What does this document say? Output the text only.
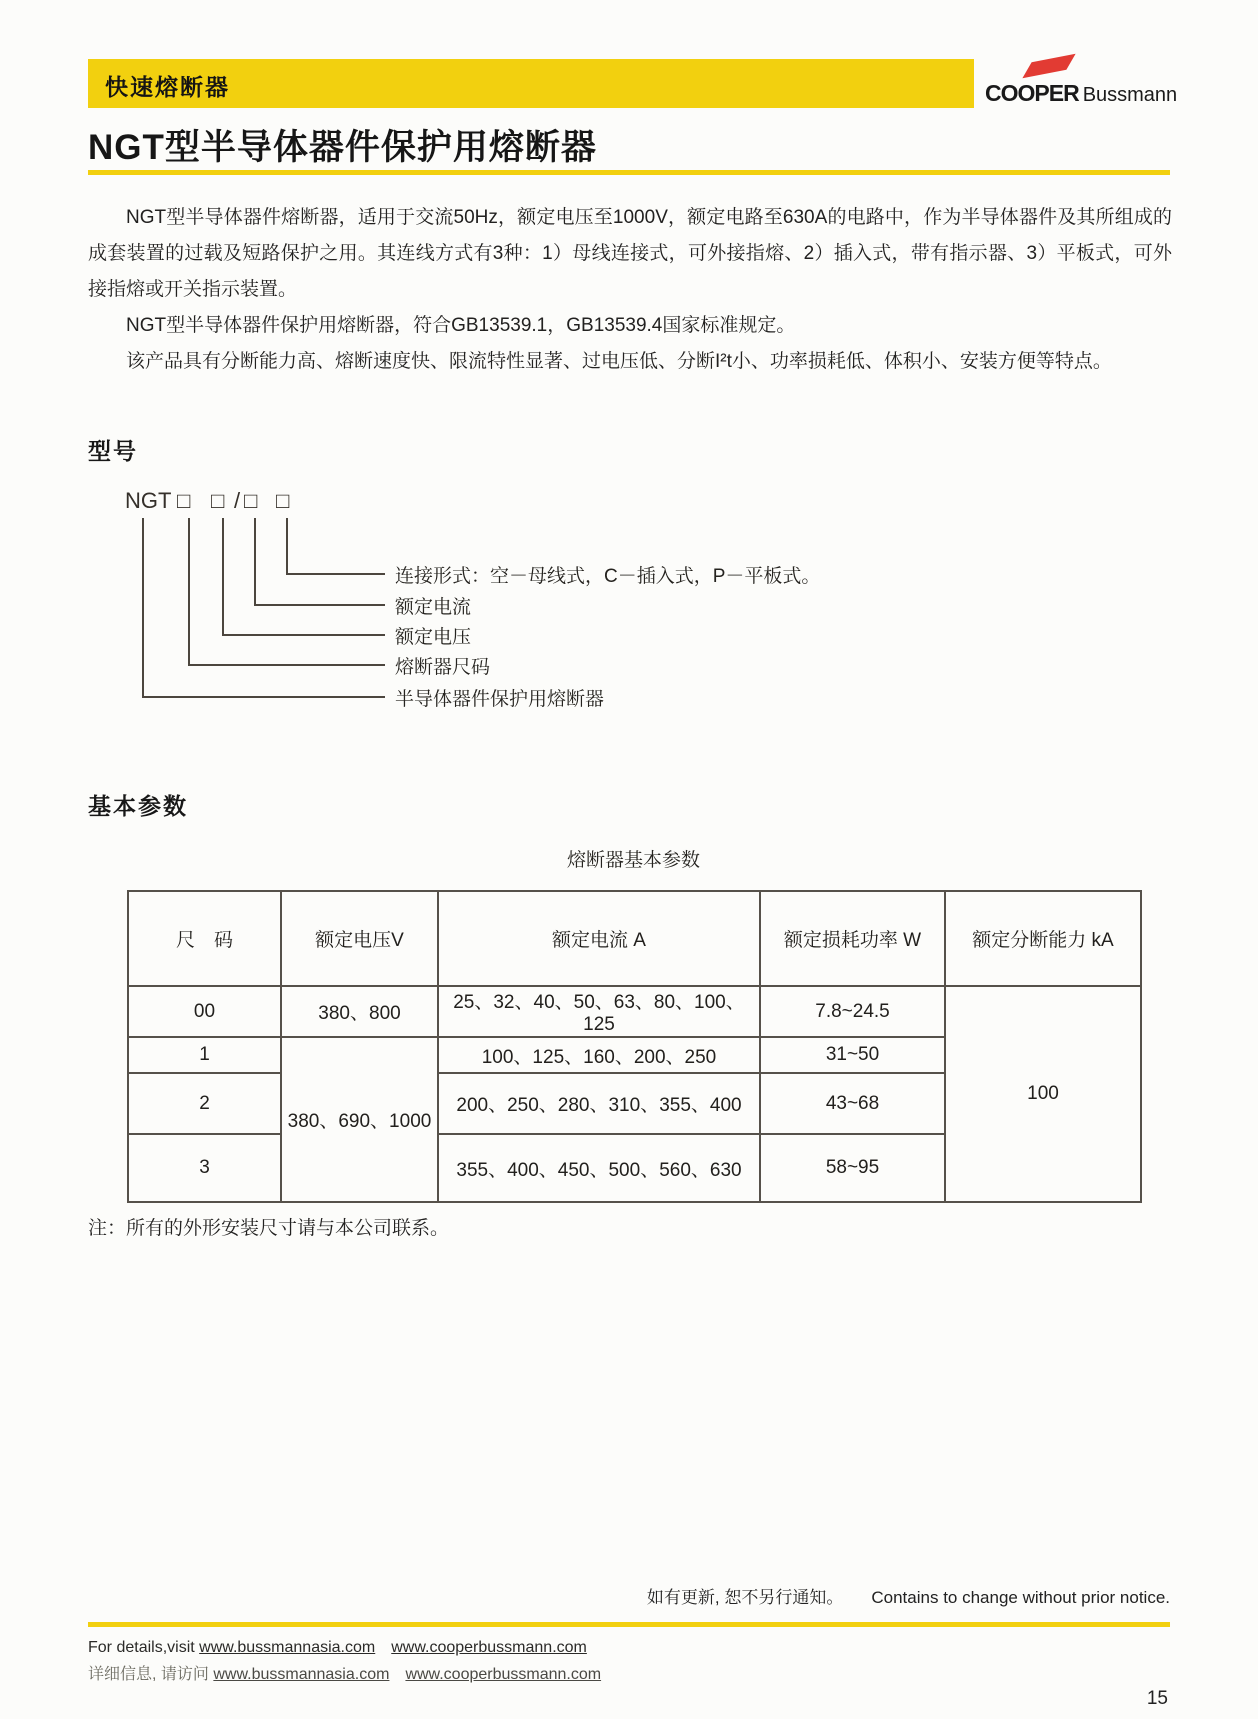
快速熔断器	COOPER Bussmann
NGT型半导体器件保护用熔断器

NGT型半导体器件熔断器，适用于交流50Hz，额定电压至1000V，额定电路至630A的电路中，作为半导体器件及其所组成的成套装置的过载及短路保护之用。其连线方式有3种：1）母线连接式，可外接指熔、2）插入式，带有指示器、3）平板式，可外接指熔或开关指示装置。

NGT型半导体器件保护用熔断器，符合GB13539.1，GB13539.4国家标准规定。

该产品具有分断能力高、熔断速度快、限流特性显著、过电压低、分断I²t小、功率损耗低、体积小、安装方便等特点。

型号
NGT □ □ / □ □
连接形式：空－母线式，C－插入式，P－平板式。
额定电流
额定电压
熔断器尺码
半导体器件保护用熔断器
基本参数
熔断器基本参数
尺　码	额定电压V	额定电流 A	额定损耗功率 W	额定分断能力 kA
00	380、800	25、32、40、50、63、80、100、125	7.8~24.5	100
1	380、690、1000	100、125、160、200、250	31~50	
2		200、250、280、310、355、400	43~68	
3		355、400、450、500、560、630	58~95	
注：所有的外形安装尺寸请与本公司联系。
如有更新, 恕不另行通知。 Contains to change without prior notice.
For details,visit www.bussmannasia.com www.cooperbussmann.com
详细信息, 请访问 www.bussmannasia.com www.cooperbussmann.com
15
